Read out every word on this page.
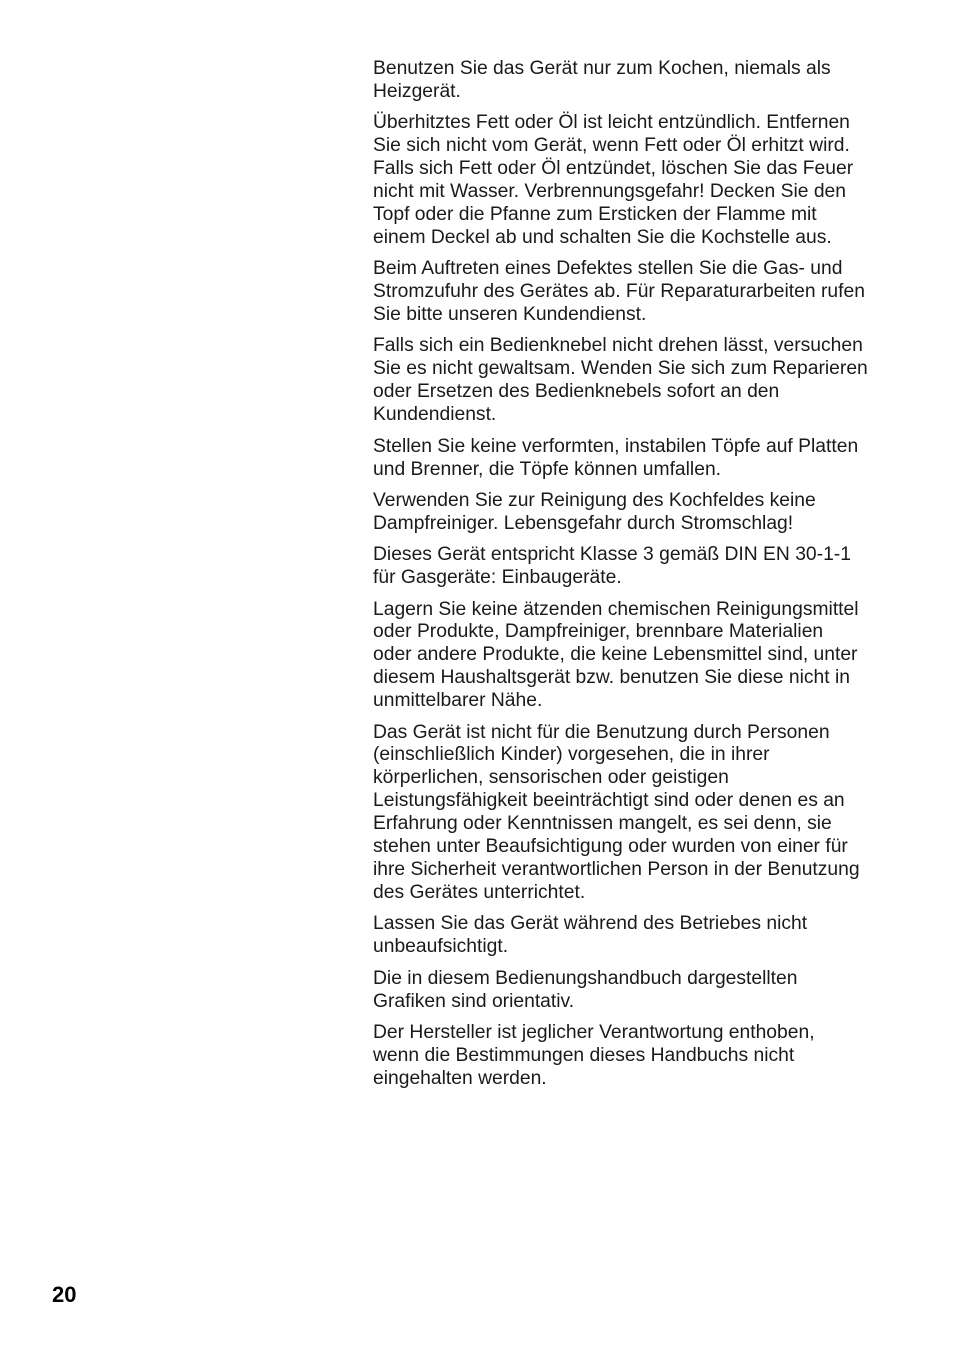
Benutzen Sie das Gerät nur zum Kochen, niemals als
Heizgerät.

Überhitztes Fett oder Öl ist leicht entzündlich. Entfernen
Sie sich nicht vom Gerät, wenn Fett oder Öl erhitzt wird.
Falls sich Fett oder Öl entzündet, löschen Sie das Feuer
nicht mit Wasser. Verbrennungsgefahr! Decken Sie den
Topf oder die Pfanne zum Ersticken der Flamme mit
einem Deckel ab und schalten Sie die Kochstelle aus.

Beim Auftreten eines Defektes stellen Sie die Gas- und
Stromzufuhr des Gerätes ab. Für Reparaturarbeiten rufen
Sie bitte unseren Kundendienst.

Falls sich ein Bedienknebel nicht drehen lässt, versuchen
Sie es nicht gewaltsam. Wenden Sie sich zum Reparieren
oder Ersetzen des Bedienknebels sofort an den
Kundendienst.

Stellen Sie keine verformten, instabilen Töpfe auf Platten
und Brenner, die Töpfe können umfallen.

Verwenden Sie zur Reinigung des Kochfeldes keine
Dampfreiniger. Lebensgefahr durch Stromschlag!

Dieses Gerät entspricht Klasse 3 gemäß DIN EN 30-1-1
für Gasgeräte: Einbaugeräte.

Lagern Sie keine ätzenden chemischen Reinigungsmittel
oder Produkte, Dampfreiniger, brennbare Materialien
oder andere Produkte, die keine Lebensmittel sind, unter
diesem Haushaltsgerät bzw. benutzen Sie diese nicht in
unmittelbarer Nähe.

Das Gerät ist nicht für die Benutzung durch Personen
(einschließlich Kinder) vorgesehen, die in ihrer
körperlichen, sensorischen oder geistigen
Leistungsfähigkeit beeinträchtigt sind oder denen es an
Erfahrung oder Kenntnissen mangelt, es sei denn, sie
stehen unter Beaufsichtigung oder wurden von einer für
ihre Sicherheit verantwortlichen Person in der Benutzung
des Gerätes unterrichtet.

Lassen Sie das Gerät während des Betriebes nicht
unbeaufsichtigt.

Die in diesem Bedienungshandbuch dargestellten
Grafiken sind orientativ.

Der Hersteller ist jeglicher Verantwortung enthoben,
wenn die Bestimmungen dieses Handbuchs nicht
eingehalten werden.

20
